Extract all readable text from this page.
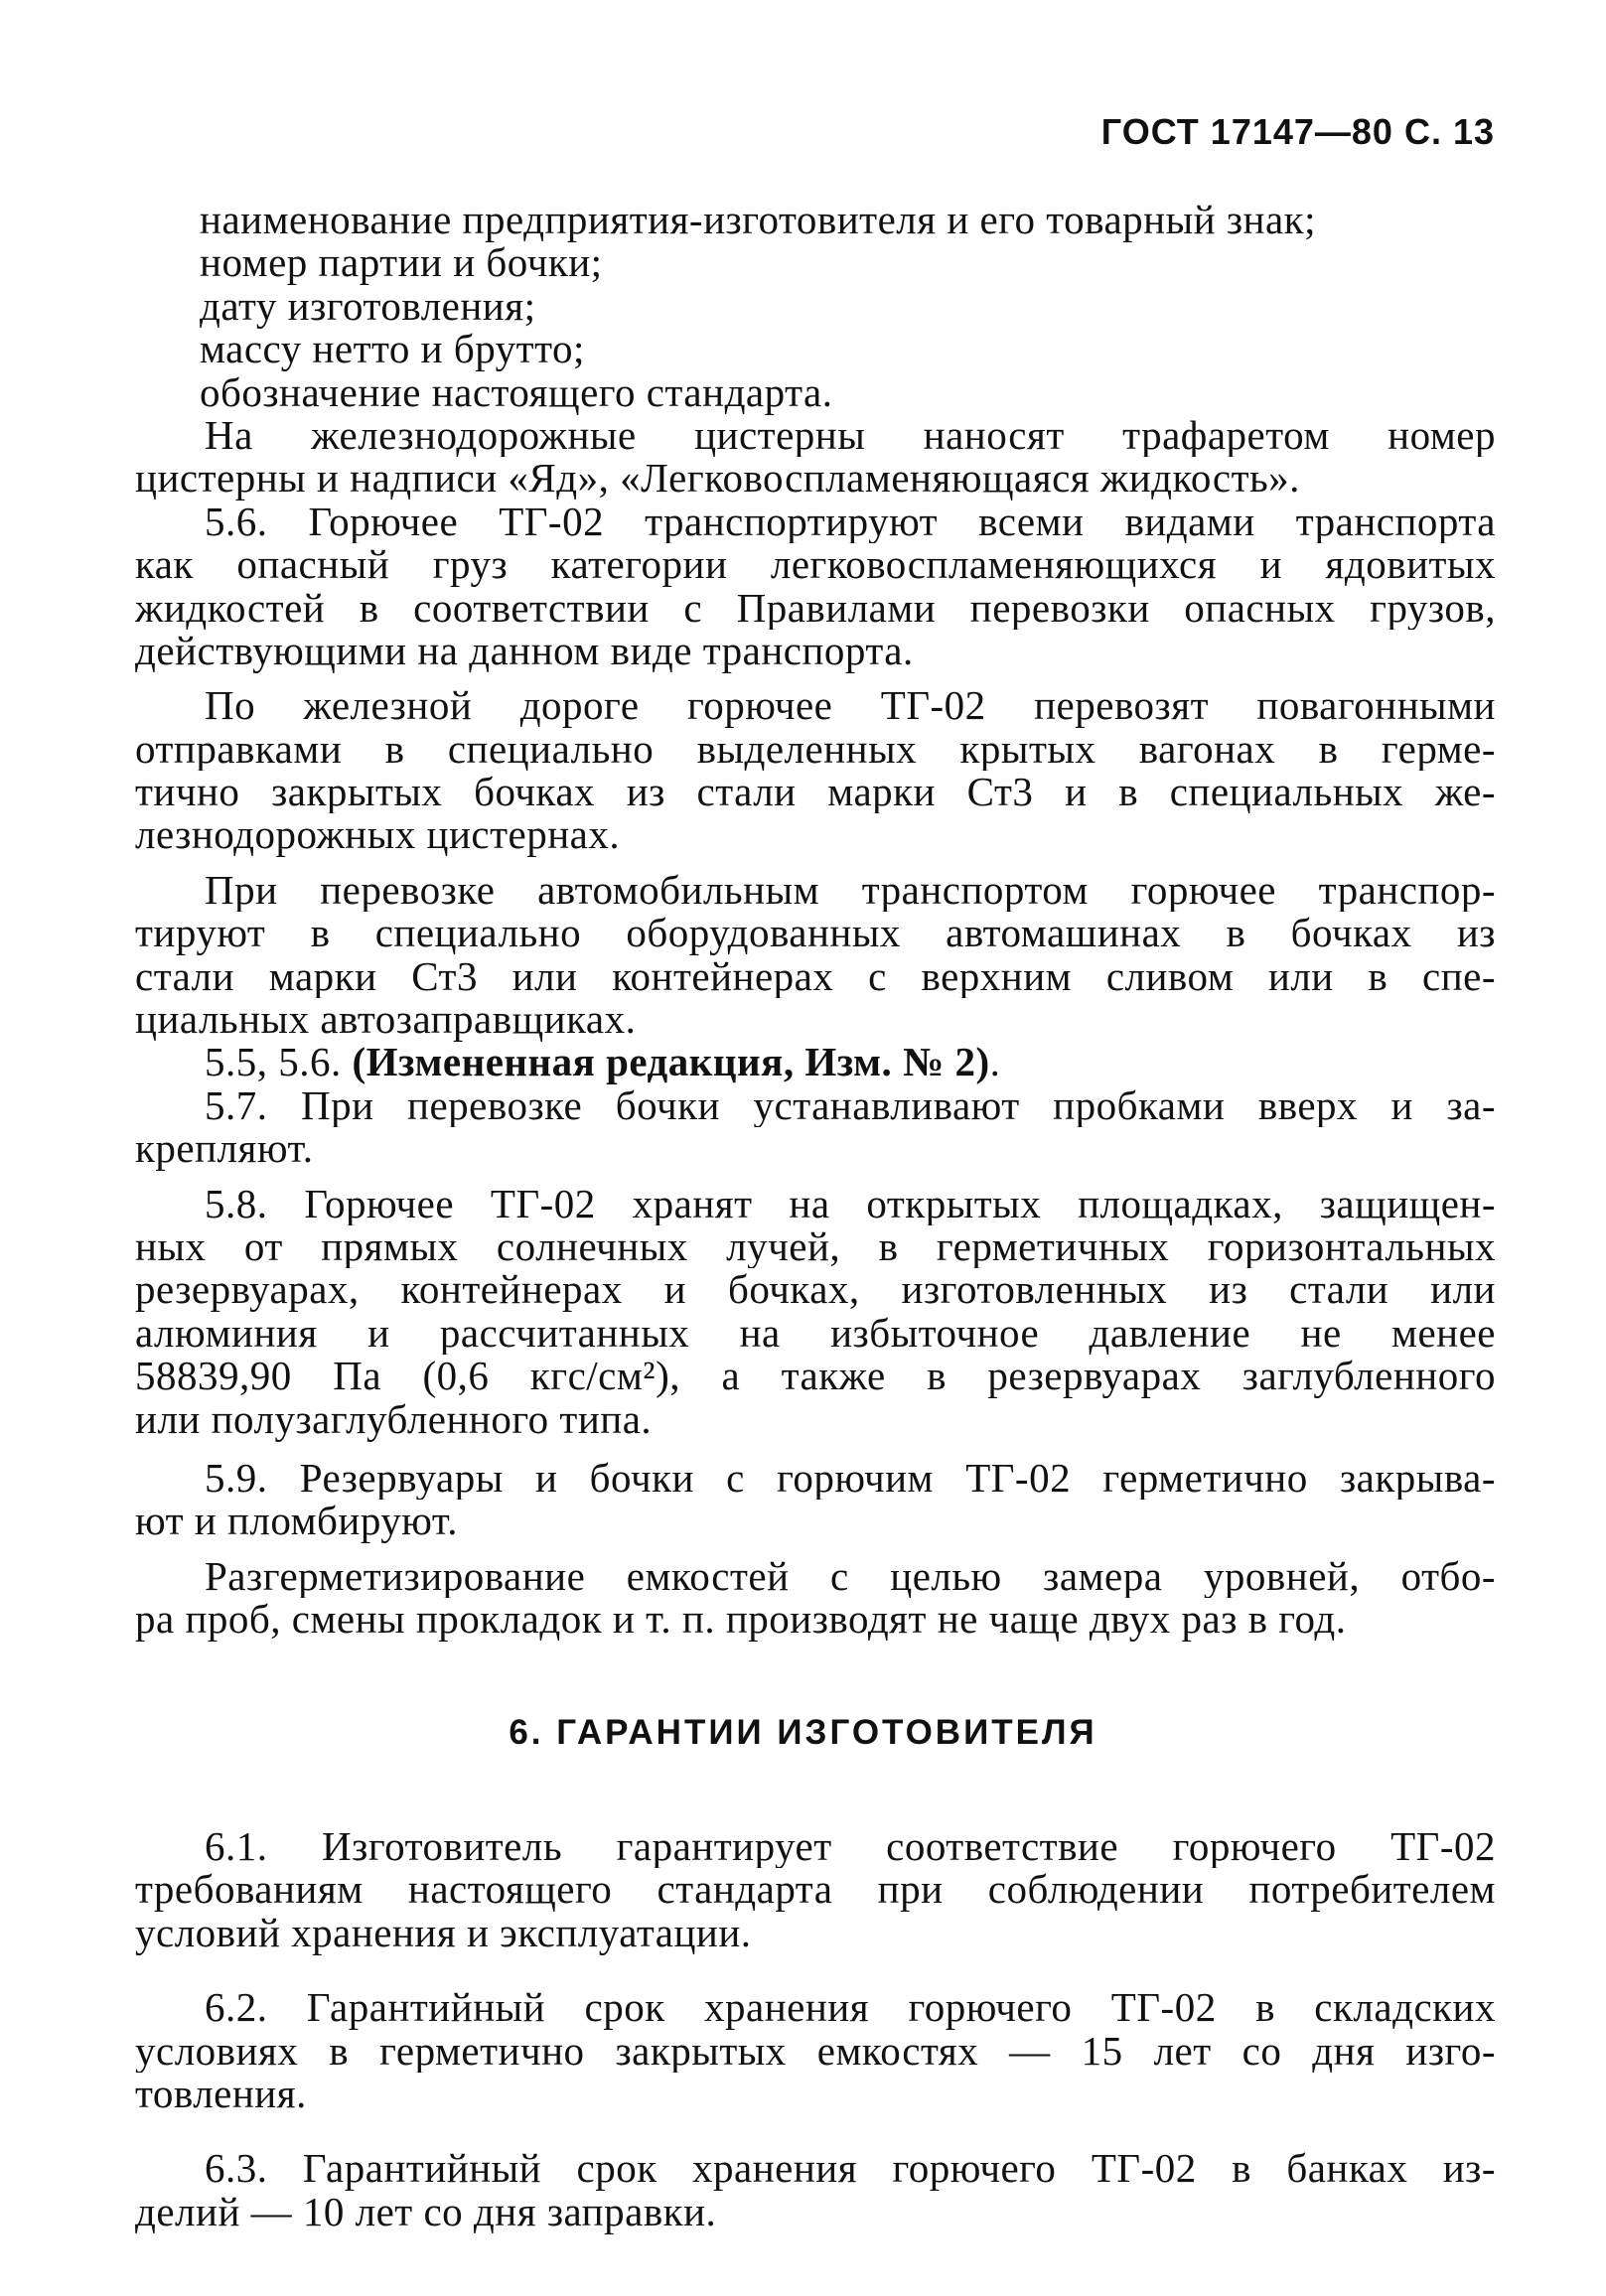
ГОСТ 17147—80 С. 13
наименование предприятия-изготовителя и его товарный знак;
номер партии и бочки;
дату изготовления;
массу нетто и брутто;
обозначение настоящего стандарта.
На железнодорожные цистерны наносят трафаретом номер
цистерны и надписи «Яд», «Легковоспламеняющаяся жидкость».
5.6. Горючее ТГ-02 транспортируют всеми видами транспорта
как опасный груз категории легковоспламеняющихся и ядовитых
жидкостей в соответствии с Правилами перевозки опасных грузов,
действующими на данном виде транспорта.
По железной дороге горючее ТГ-02 перевозят повагонными
отправками в специально выделенных крытых вагонах в герме-
тично закрытых бочках из стали марки Ст3 и в специальных же-
лезнодорожных цистернах.
При перевозке автомобильным транспортом горючее транспор-
тируют в специально оборудованных автомашинах в бочках из
стали марки Ст3 или контейнерах с верхним сливом или в спе-
циальных автозаправщиках.
5.5, 5.6. (Измененная редакция, Изм. № 2).
5.7. При перевозке бочки устанавливают пробками вверх и за-
крепляют.
5.8. Горючее ТГ-02 хранят на открытых площадках, защищен-
ных от прямых солнечных лучей, в герметичных горизонтальных
резервуарах, контейнерах и бочках, изготовленных из стали или
алюминия и рассчитанных на избыточное давление не менее
58839,90 Па (0,6 кгс/см²), а также в резервуарах заглубленного
или полузаглубленного типа.
5.9. Резервуары и бочки с горючим ТГ-02 герметично закрыва-
ют и пломбируют.
Разгерметизирование емкостей с целью замера уровней, отбо-
ра проб, смены прокладок и т. п. производят не чаще двух раз в год.
6. ГАРАНТИИ ИЗГОТОВИТЕЛЯ
6.1. Изготовитель гарантирует соответствие горючего ТГ-02
требованиям настоящего стандарта при соблюдении потребителем
условий хранения и эксплуатации.
6.2. Гарантийный срок хранения горючего ТГ-02 в складских
условиях в герметично закрытых емкостях — 15 лет со дня изго-
товления.
6.3. Гарантийный срок хранения горючего ТГ-02 в банках из-
делий — 10 лет со дня заправки.
